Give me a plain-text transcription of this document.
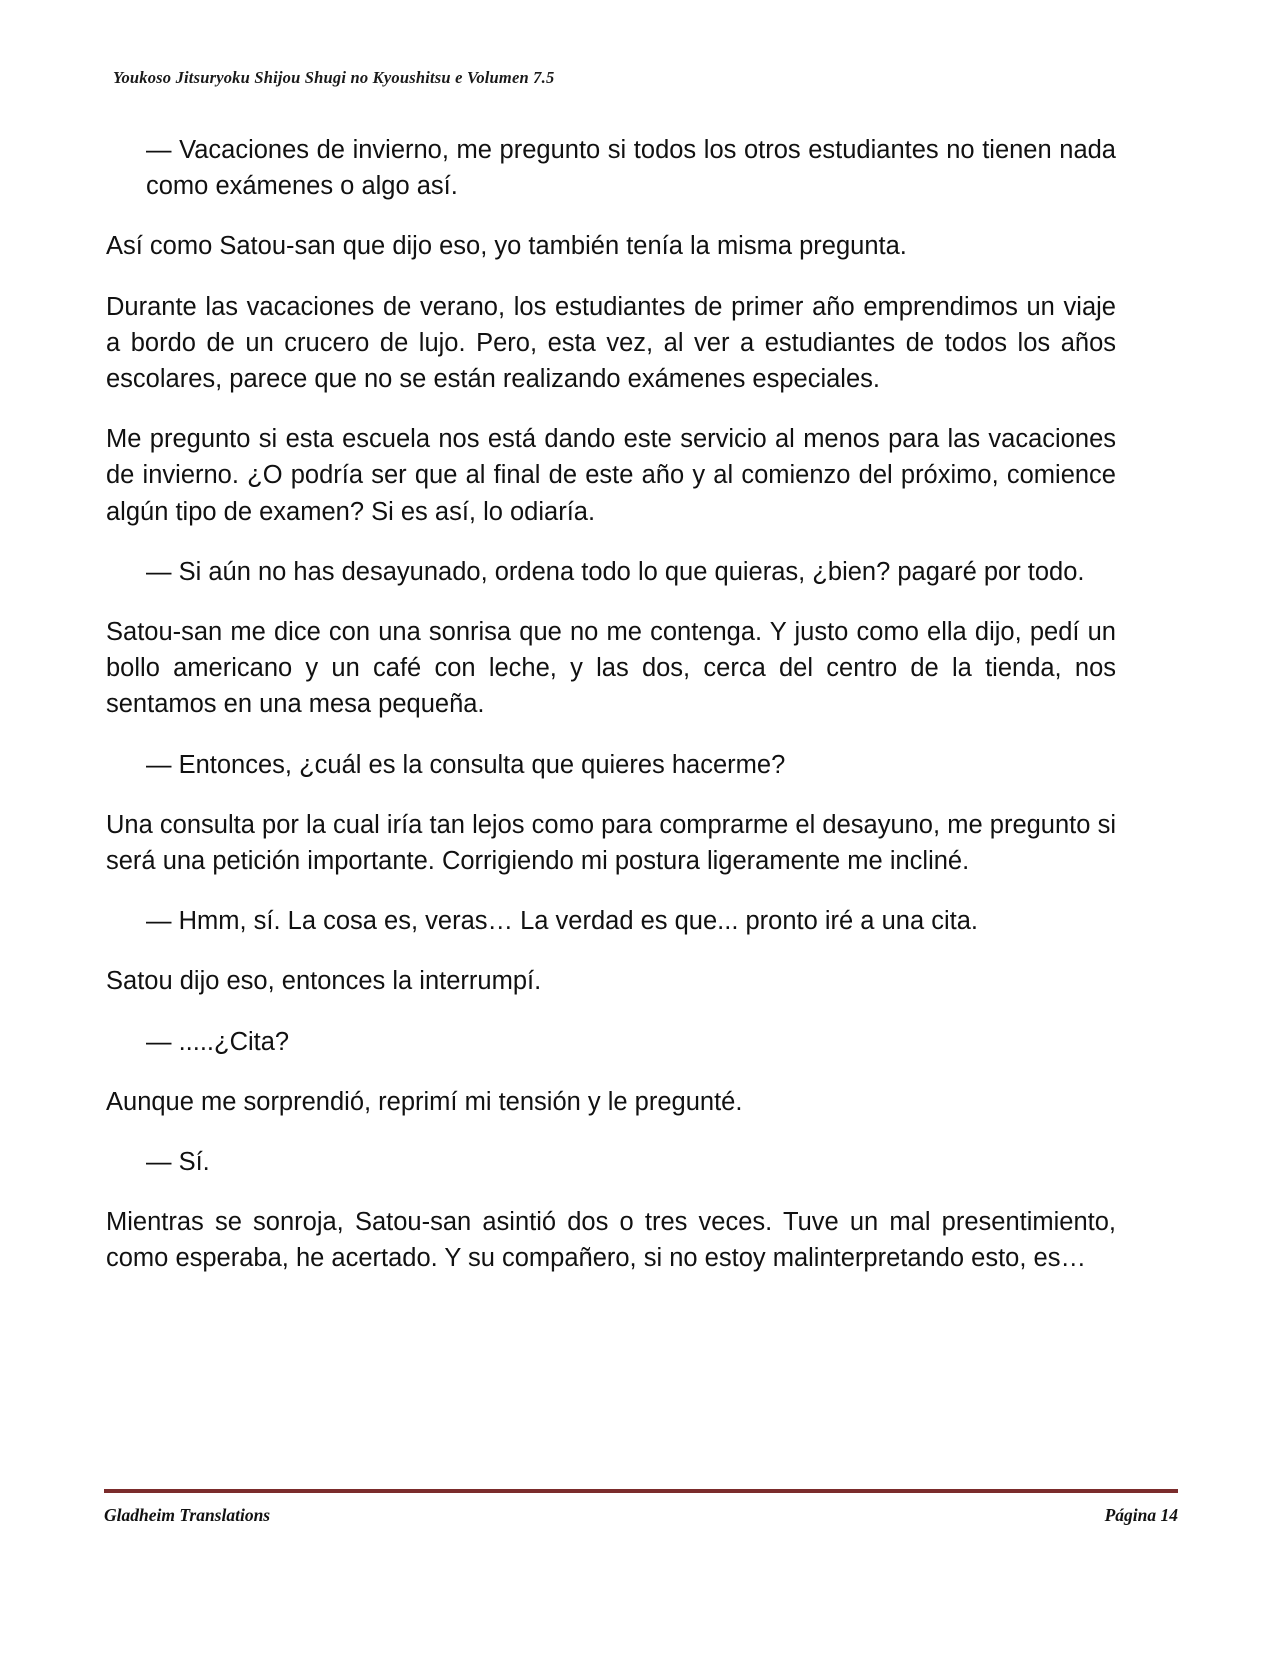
Youkoso Jitsuryoku Shijou Shugi no Kyoushitsu e Volumen 7.5

— Vacaciones de invierno, me pregunto si todos los otros estudiantes no tienen nada como exámenes o algo así.

Así como Satou-san que dijo eso, yo también tenía la misma pregunta.

Durante las vacaciones de verano, los estudiantes de primer año emprendimos un viaje a bordo de un crucero de lujo. Pero, esta vez, al ver a estudiantes de todos los años escolares, parece que no se están realizando exámenes especiales.

Me pregunto si esta escuela nos está dando este servicio al menos para las vacaciones de invierno. ¿O podría ser que al final de este año y al comienzo del próximo, comience algún tipo de examen? Si es así, lo odiaría.

— Si aún no has desayunado, ordena todo lo que quieras, ¿bien? pagaré por todo.

Satou-san me dice con una sonrisa que no me contenga. Y justo como ella dijo, pedí un bollo americano y un café con leche, y las dos, cerca del centro de la tienda, nos sentamos en una mesa pequeña.

— Entonces, ¿cuál es la consulta que quieres hacerme?

Una consulta por la cual iría tan lejos como para comprarme el desayuno, me pregunto si será una petición importante. Corrigiendo mi postura ligeramente me incliné.

— Hmm, sí. La cosa es, veras… La verdad es que... pronto iré a una cita.

Satou dijo eso, entonces la interrumpí.

— .....¿Cita?

Aunque me sorprendió, reprimí mi tensión y le pregunté.

— Sí.

Mientras se sonroja, Satou-san asintió dos o tres veces. Tuve un mal presentimiento, como esperaba, he acertado. Y su compañero, si no estoy malinterpretando esto, es…

Gladheim Translations	Página 14
